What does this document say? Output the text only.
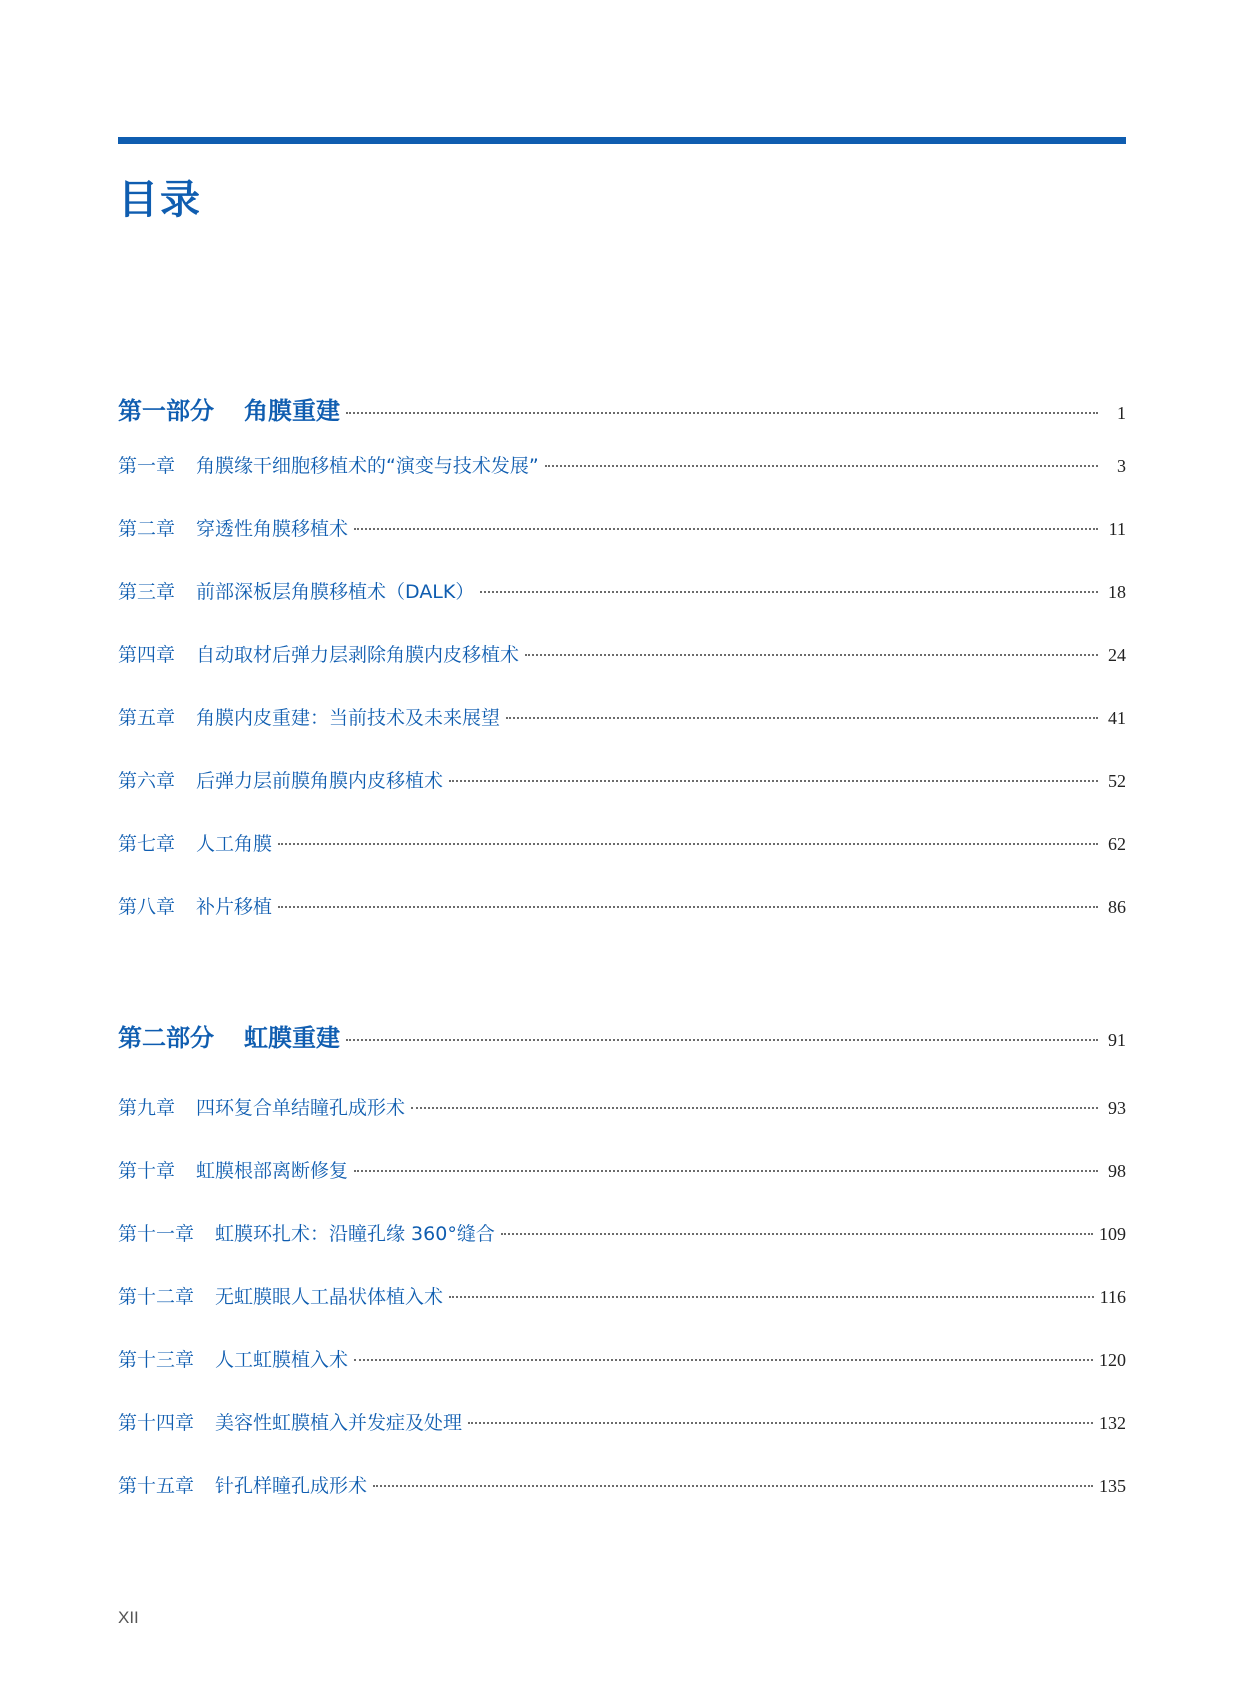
目录
第一部分 角膜重建	1
第一章 角膜缘干细胞移植术的“演变与技术发展”	3
第二章 穿透性角膜移植术	11
第三章 前部深板层角膜移植术（DALK）	18
第四章 自动取材后弹力层剥除角膜内皮移植术	24
第五章 角膜内皮重建：当前技术及未来展望	41
第六章 后弹力层前膜角膜内皮移植术	52
第七章 人工角膜	62
第八章 补片移植	86
第二部分 虹膜重建	91
第九章 四环复合单结瞳孔成形术	93
第十章 虹膜根部离断修复	98
第十一章 虹膜环扎术：沿瞳孔缘 360°缝合	109
第十二章 无虹膜眼人工晶状体植入术	116
第十三章 人工虹膜植入术	120
第十四章 美容性虹膜植入并发症及处理	132
第十五章 针孔样瞳孔成形术	135
XII
